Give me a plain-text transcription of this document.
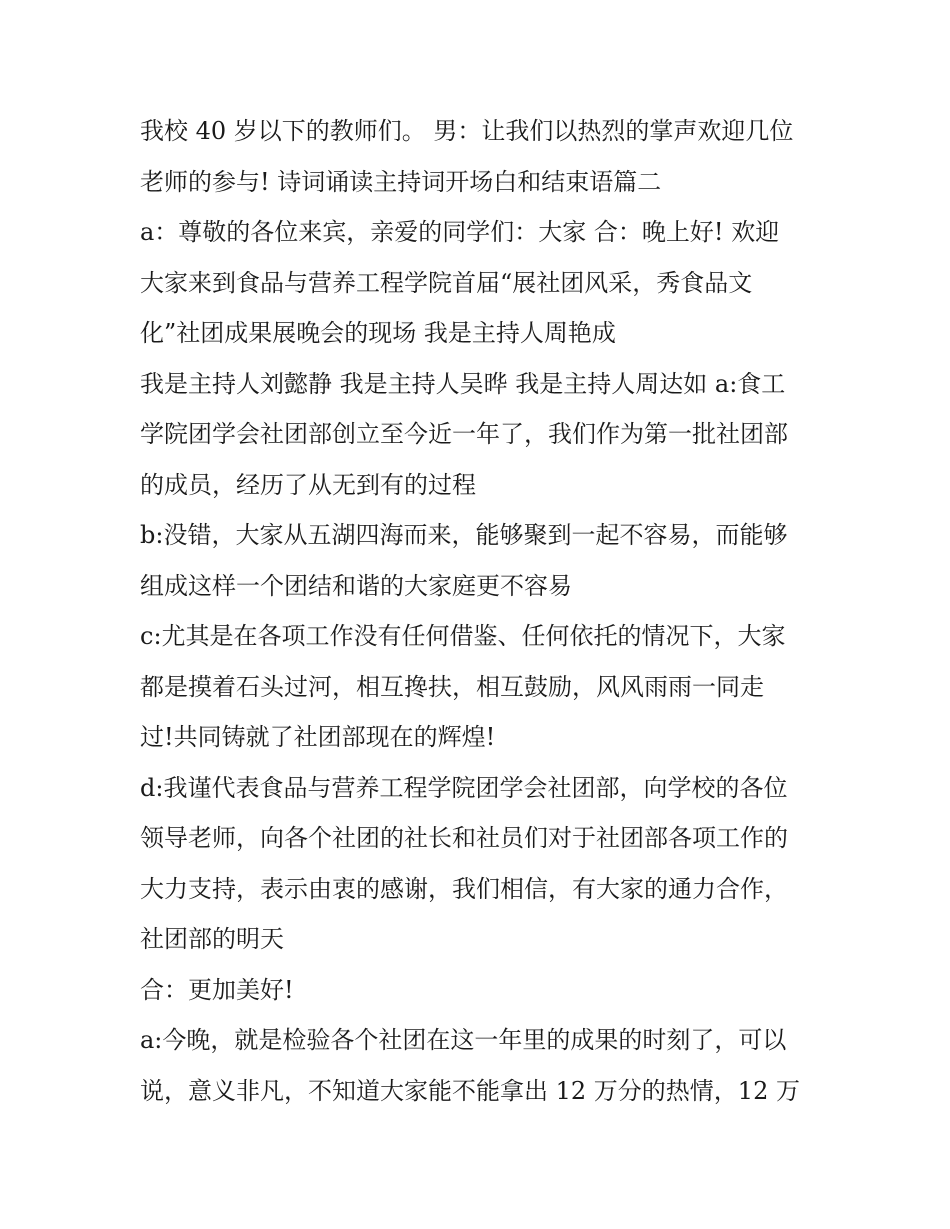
我校 40 岁以下的教师们。 男：让我们以热烈的掌声欢迎几位
老师的参与! 诗词诵读主持词开场白和结束语篇二
a：尊敬的各位来宾，亲爱的同学们：大家 合：晚上好! 欢迎
大家来到食品与营养工程学院首届“展社团风采，秀食品文
化”社团成果展晚会的现场 我是主持人周艳成
我是主持人刘懿静 我是主持人吴晔 我是主持人周达如 a:食工
学院团学会社团部创立至今近一年了，我们作为第一批社团部
的成员，经历了从无到有的过程
b:没错，大家从五湖四海而来，能够聚到一起不容易，而能够
组成这样一个团结和谐的大家庭更不容易
c:尤其是在各项工作没有任何借鉴、任何依托的情况下，大家
都是摸着石头过河，相互搀扶，相互鼓励，风风雨雨一同走
过!共同铸就了社团部现在的辉煌!
d:我谨代表食品与营养工程学院团学会社团部，向学校的各位
领导老师，向各个社团的社长和社员们对于社团部各项工作的
大力支持，表示由衷的感谢，我们相信，有大家的通力合作，
社团部的明天
合：更加美好!
a:今晚，就是检验各个社团在这一年里的成果的时刻了，可以
说，意义非凡，不知道大家能不能拿出 12 万分的热情，12 万
